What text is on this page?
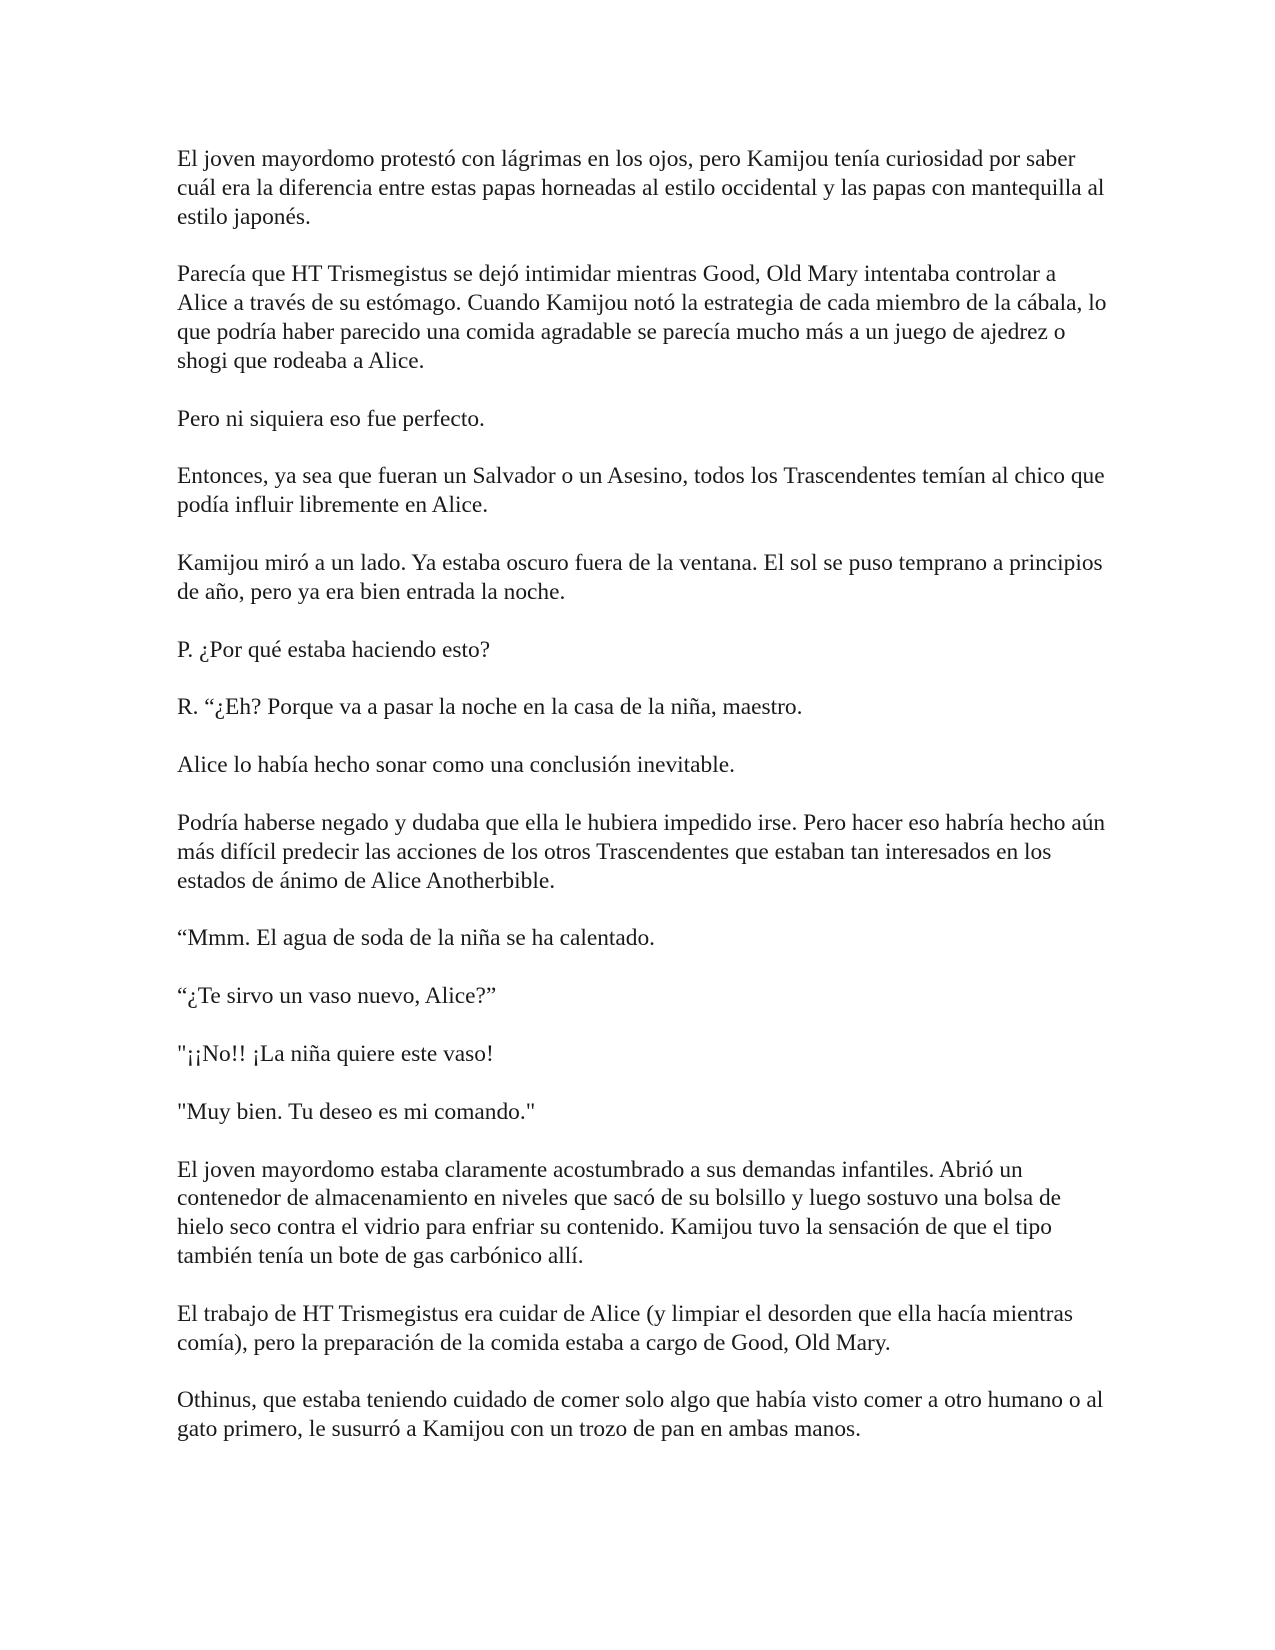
El joven mayordomo protestó con lágrimas en los ojos, pero Kamijou tenía curiosidad por saber cuál era la diferencia entre estas papas horneadas al estilo occidental y las papas con mantequilla al estilo japonés.

Parecía que HT Trismegistus se dejó intimidar mientras Good, Old Mary intentaba controlar a Alice a través de su estómago. Cuando Kamijou notó la estrategia de cada miembro de la cábala, lo que podría haber parecido una comida agradable se parecía mucho más a un juego de ajedrez o shogi que rodeaba a Alice.

Pero ni siquiera eso fue perfecto.

Entonces, ya sea que fueran un Salvador o un Asesino, todos los Trascendentes temían al chico que podía influir libremente en Alice.

Kamijou miró a un lado. Ya estaba oscuro fuera de la ventana. El sol se puso temprano a principios de año, pero ya era bien entrada la noche.

P. ¿Por qué estaba haciendo esto?

R. “¿Eh? Porque va a pasar la noche en la casa de la niña, maestro.

Alice lo había hecho sonar como una conclusión inevitable.

Podría haberse negado y dudaba que ella le hubiera impedido irse. Pero hacer eso habría hecho aún más difícil predecir las acciones de los otros Trascendentes que estaban tan interesados en los estados de ánimo de Alice Anotherbible.

“Mmm. El agua de soda de la niña se ha calentado.

“¿Te sirvo un vaso nuevo, Alice?”

"¡¡No!! ¡La niña quiere este vaso!

"Muy bien. Tu deseo es mi comando."

El joven mayordomo estaba claramente acostumbrado a sus demandas infantiles. Abrió un contenedor de almacenamiento en niveles que sacó de su bolsillo y luego sostuvo una bolsa de hielo seco contra el vidrio para enfriar su contenido. Kamijou tuvo la sensación de que el tipo también tenía un bote de gas carbónico allí.

El trabajo de HT Trismegistus era cuidar de Alice (y limpiar el desorden que ella hacía mientras comía), pero la preparación de la comida estaba a cargo de Good, Old Mary.

Othinus, que estaba teniendo cuidado de comer solo algo que había visto comer a otro humano o al gato primero, le susurró a Kamijou con un trozo de pan en ambas manos.
